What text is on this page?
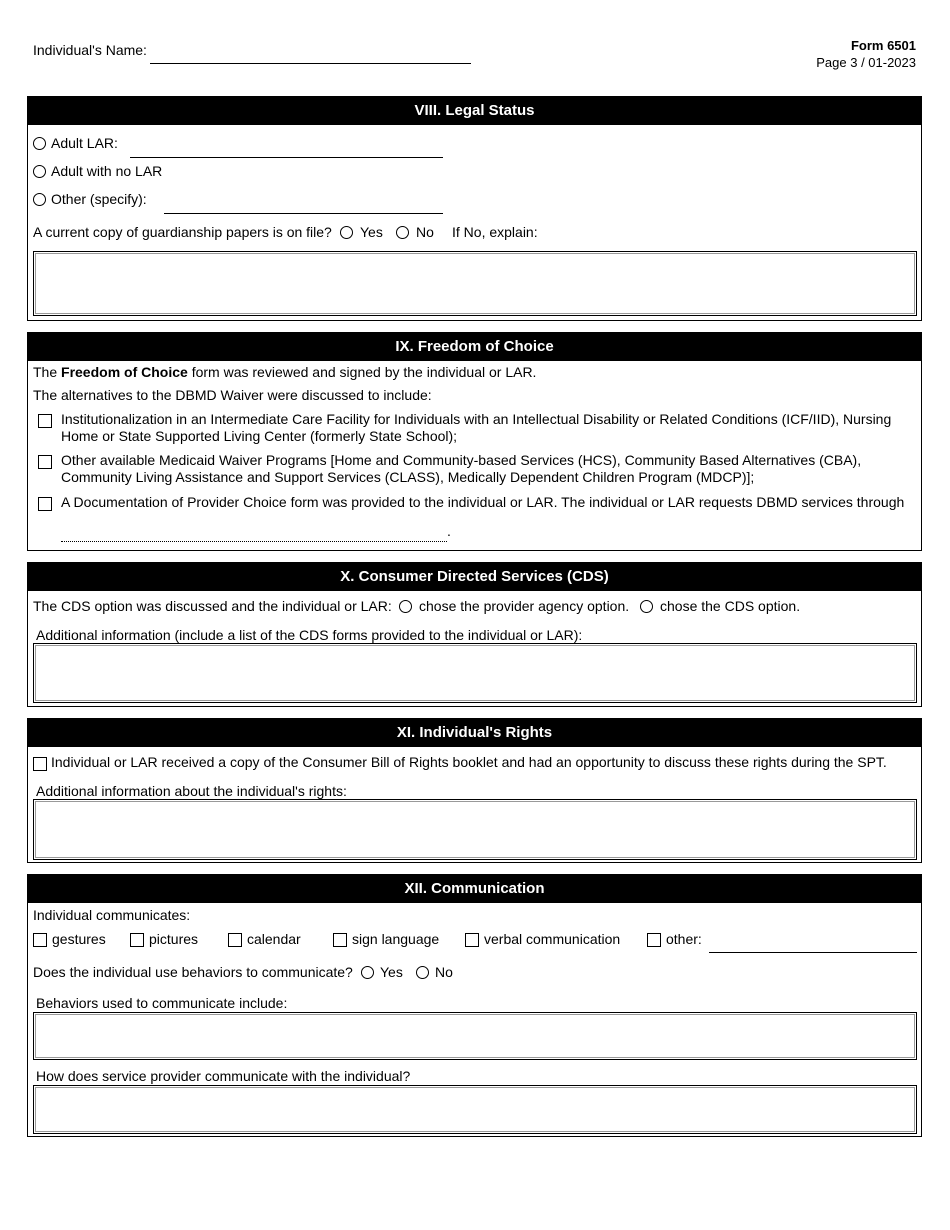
Individual's Name:	Form 6501
Page 3 / 01-2023
VIII. Legal Status
Adult LAR:
Adult with no LAR
Other (specify):
A current copy of guardianship papers is on file? Yes No If No, explain:
IX. Freedom of Choice
The Freedom of Choice form was reviewed and signed by the individual or LAR.
The alternatives to the DBMD Waiver were discussed to include:
Institutionalization in an Intermediate Care Facility for Individuals with an Intellectual Disability or Related Conditions (ICF/IID), Nursing
Home or State Supported Living Center (formerly State School);
Other available Medicaid Waiver Programs [Home and Community-based Services (HCS), Community Based Alternatives (CBA),
Community Living Assistance and Support Services (CLASS), Medically Dependent Children Program (MDCP)];
A Documentation of Provider Choice form was provided to the individual or LAR. The individual or LAR requests DBMD services through
.
X. Consumer Directed Services (CDS)
The CDS option was discussed and the individual or LAR: chose the provider agency option. chose the CDS option.
Additional information (include a list of the CDS forms provided to the individual or LAR):
XI. Individual's Rights
Individual or LAR received a copy of the Consumer Bill of Rights booklet and had an opportunity to discuss these rights during the SPT.
Additional information about the individual's rights:
XII. Communication
Individual communicates:
gestures	pictures	calendar	sign language	verbal communication	other:
Does the individual use behaviors to communicate? Yes No
Behaviors used to communicate include:
How does service provider communicate with the individual?
